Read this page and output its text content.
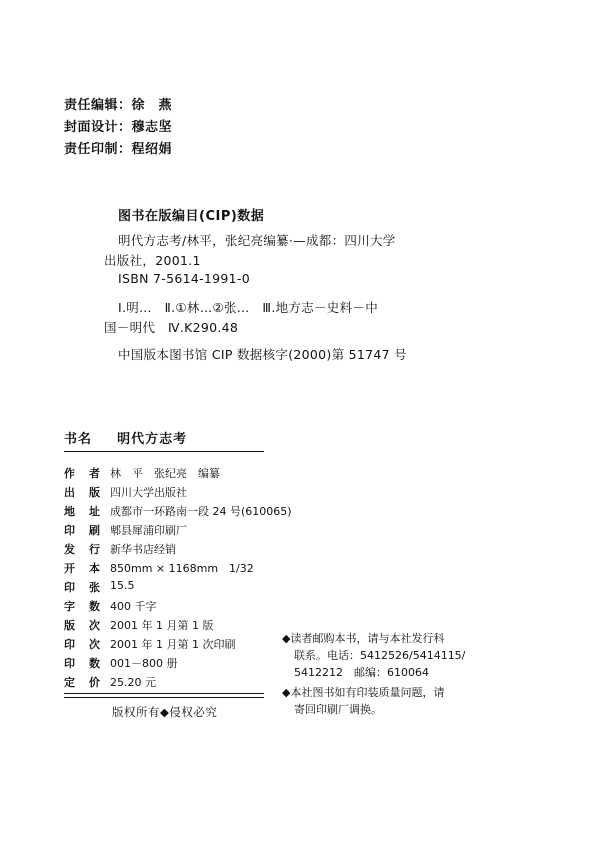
责任编辑：徐　燕
封面设计：穆志坚
责任印制：程绍娟
图书在版编目(CIP)数据
明代方志考/林平，张纪亮编纂·—成都：四川大学
出版社，2001.1
ISBN 7-5614-1991-0
Ⅰ.明…　Ⅱ.①林…②张…　Ⅲ.地方志－史料－中
国－明代　Ⅳ.K290.48
中国版本图书馆 CIP 数据核字(2000)第 51747 号
书名 明代方志考
作 者 林　平　张纪亮　编纂
出 版 四川大学出版社
地 址 成都市一环路南一段 24 号(610065)
印 刷 郫县犀浦印刷厂
发 行 新华书店经销
开 本 850mm × 1168mm　1/32
印 张 15.5
字 数 400 千字
版 次 2001 年 1 月第 1 版
印 次 2001 年 1 月第 1 次印刷
印 数 001－800 册
定 价 25.20 元
版权所有◆侵权必究
◆读者邮购本书，请与本社发行科
联系。电话：5412526/5414115/
5412212　邮编：610064
◆本社图书如有印装质量问题，请
寄回印刷厂调换。
